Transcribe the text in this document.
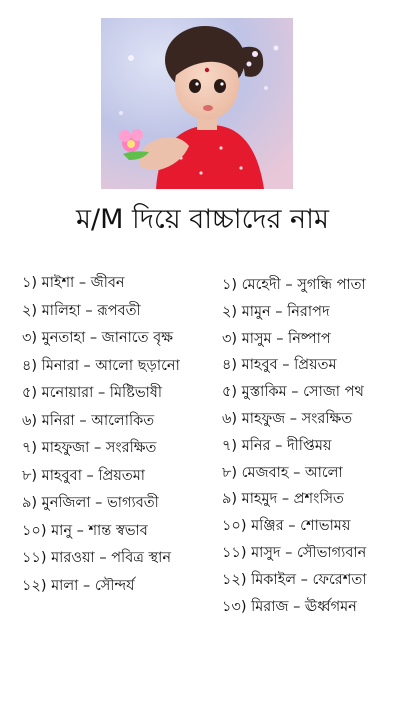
ম/M দিয়ে বাচ্চাদের নাম
১) মাইশা – জীবন
২) মালিহা – রূপবতী
৩) মুনতাহা – জানাতে বৃক্ষ
৪) মিনারা – আলো ছড়ানো
৫) মনোয়ারা – মিষ্টিভাষী
৬) মনিরা – আলোকিত
৭) মাহফুজা – সংরক্ষিত
৮) মাহবুবা – প্রিয়তমা
৯) মুনজিলা – ভাগ্যবতী
১০) মানু – শান্ত স্বভাব
১১) মারওয়া – পবিত্র স্থান
১২) মালা – সৌন্দর্য
১) মেহেদী – সুগন্ধি পাতা
২) মামুন – নিরাপদ
৩) মাসুম – নিষ্পাপ
৪) মাহবুব – প্রিয়তম
৫) মুস্তাকিম – সোজা পথ
৬) মাহফুজ – সংরক্ষিত
৭) মনির – দীপ্তিময়
৮) মেজবাহ – আলো
৯) মাহমুদ – প্রশংসিত
১০) মঞ্জির – শোভাময়
১১) মাসুদ – সৌভাগ্যবান
১২) মিকাইল – ফেরেশতা
১৩) মিরাজ – ঊর্ধ্বগমন
